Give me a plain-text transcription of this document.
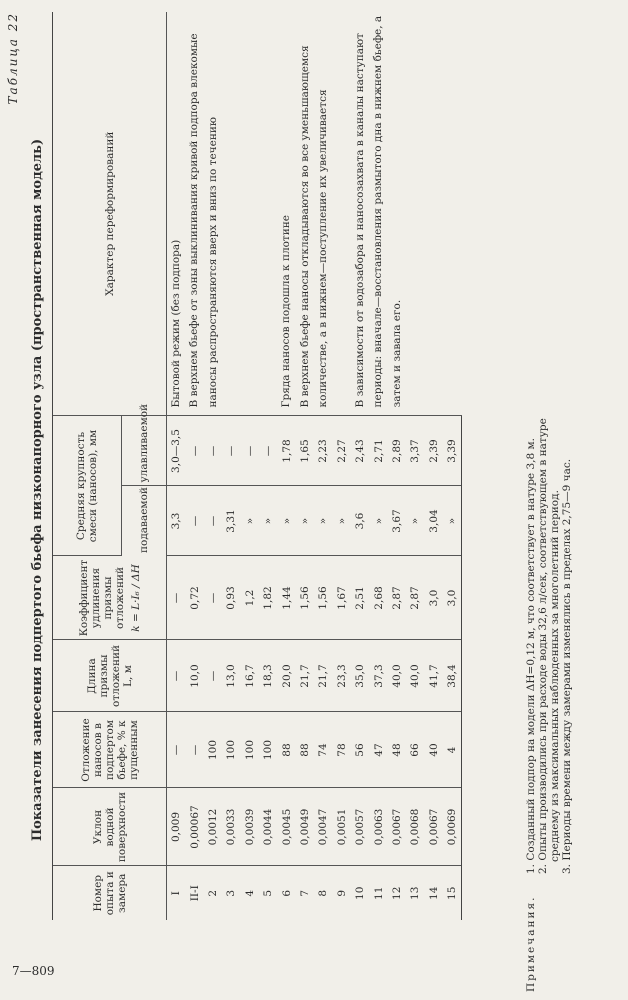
Таблица 22
Показатели занесения подпертого бьефа низконапорного узла (пространственная модель)
Номер опыта и замера	Уклон водной поверхности	Отложение наносов в подпертом бьефе, % к пущенным	Длина призмы отложений L, м	Коэффициент удлинения призмы отложений k = L·I₆ / ΔH	Средняя крупность смеси (наносов), мм		Характер переформирований
					подаваемой	улавливаемой	
I	0,009	—	—	—	3,3	3,0—3,5	Бытовой режим (без подпора)
II-I	0,00067	—	10,0	0,72	—	—	В верхнем бьефе от зоны выклинивания кривой подпора влекомые наносы распространяются вверх и вниз по течению
2	0,0012	100	—	—	—	—	
3	0,0033	100	13,0	0,93	3,31	—	
4	0,0039	100	16,7	1,2	»	—	
5	0,0044	100	18,3	1,82	»	—	
6	0,0045	88	20,0	1,44	»	1,78	Гряда наносов подошла к плотине
7	0,0049	88	21,7	1,56	»	1,65	В верхнем бьефе наносы откладываются во все уменьшающемся количестве, а в нижнем—поступление их увеличивается
8	0,0047	74	21,7	1,56	»	2,23	
9	0,0051	78	23,3	1,67	»	2,27	
10	0,0057	56	35,0	2,51	3,6	2,43	В зависимости от водозабора и наносозахвата в каналы наступают периоды: вначале—восстановления размытого дна в нижнем бьефе, а затем и завала его.
11	0,0063	47	37,3	2,68	»	2,71	
12	0,0067	48	40,0	2,87	3,67	2,89	
13	0,0068	66	40,0	2,87	»	3,37	
14	0,0067	40	41,7	3,0	3,04	2,39	
15	0,0069	4	38,4	3,0	»	3,39	
Примечания.
1. Созданный подпор на модели ΔH=0,12 м, что соответствует в натуре 3,8 м. 2. Опыты производились при расходе воды 32,6 л/сек, соответствующем в натуре среднему из максимальных наблюденных за многолетний период. 3. Периоды времени между замерами изменялись в пределах 2,75—9 час.
7—809
